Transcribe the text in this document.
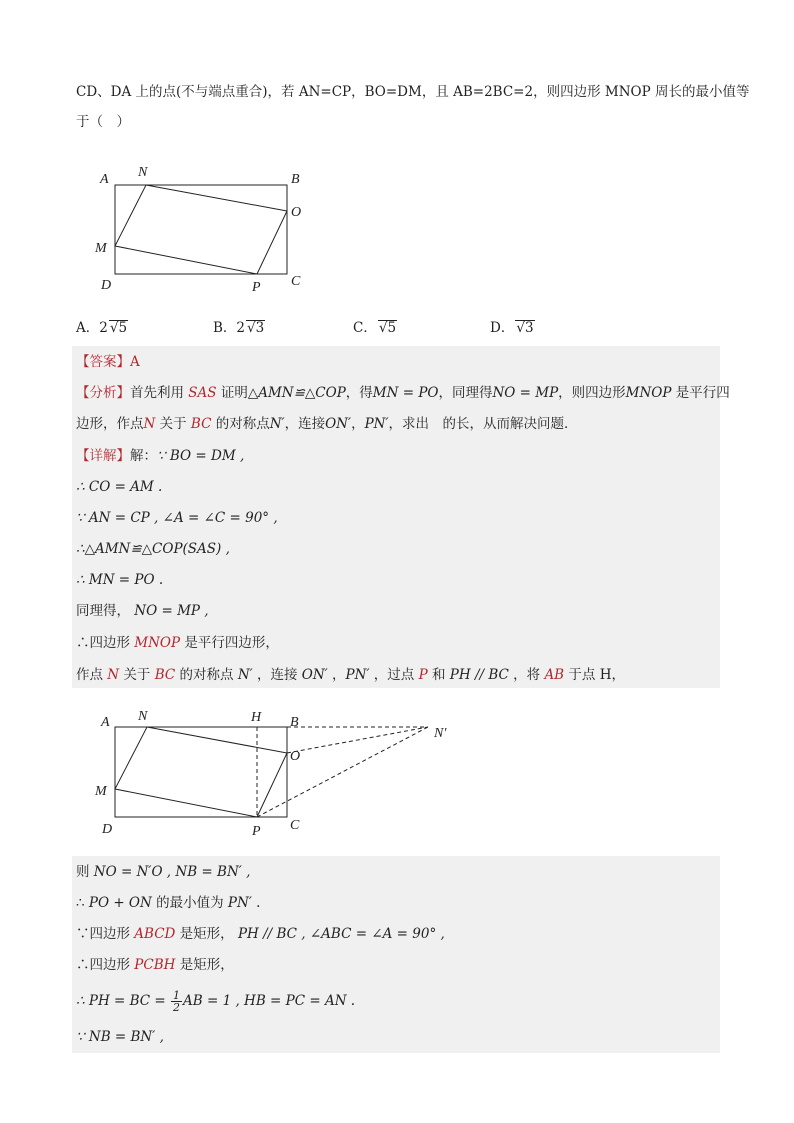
CD、DA 上的点(不与端点重合)，若 AN=CP，BO=DM，且 AB=2BC=2，则四边形 MNOP 周长的最小值等
于（　）
A N	B
O
M
D	P C
A．2 √5	B．2 √3	C． √5	D． √3
【答案】A
【分析】首先利用 SAS 证明△AMN≌△COP，得MN = PO，同理得NO = MP，则四边形MNOP 是平行四
边形，作点N 关于 BC 的对称点N′，连接ON′，PN′，求出　的长，从而解决问题．
【详解】解：∵ BO = DM ,
∴ CO = AM .
∵ AN = CP , ∠A = ∠C = 90° ,
∴△AMN≌△COP(SAS) ,
∴ MN = PO .
同理得， NO = MP ,
∴四边形 MNOP 是平行四边形，
作点 N 关于 BC 的对称点 N′ ，连接 ON′ ，PN′ ，过点 P 和 PH // BC ，将 AB 于点 H，
A N	H B
N′
O
M
D	P C
则 NO = N′O , NB = BN′ ,
∴ PO + ON 的最小值为 PN′ .
∵四边形 ABCD 是矩形， PH // BC , ∠ABC = ∠A = 90° ,
∴四边形 PCBH 是矩形，
∴ PH = BC = $\frac{1}{2}$ AB = 1 , HB = PC = AN .
∵ NB = BN′ ,
